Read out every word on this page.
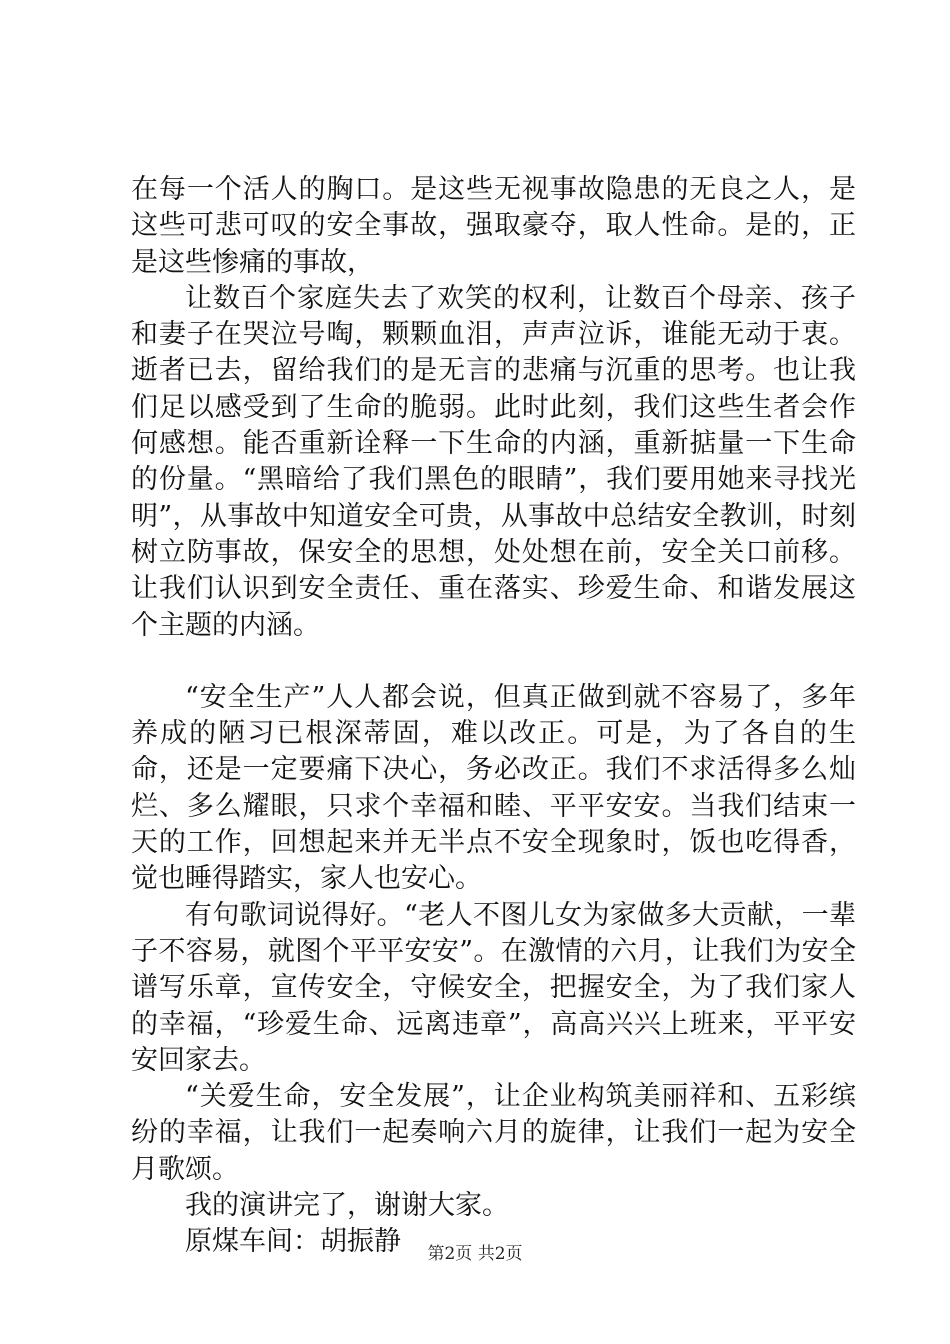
在每一个活人的胸口。是这些无视事故隐患的无良之人，是这些可悲可叹的安全事故，强取豪夺，取人性命。是的，正是这些惨痛的事故，

让数百个家庭失去了欢笑的权利，让数百个母亲、孩子和妻子在哭泣号啕，颗颗血泪，声声泣诉，谁能无动于衷。逝者已去，留给我们的是无言的悲痛与沉重的思考。也让我们足以感受到了生命的脆弱。此时此刻，我们这些生者会作何感想。能否重新诠释一下生命的内涵，重新掂量一下生命的份量。“黑暗给了我们黑色的眼睛”，我们要用她来寻找光明”，从事故中知道安全可贵，从事故中总结安全教训，时刻树立防事故，保安全的思想，处处想在前，安全关口前移。让我们认识到安全责任、重在落实、珍爱生命、和谐发展这个主题的内涵。

“安全生产”人人都会说，但真正做到就不容易了，多年养成的陋习已根深蒂固，难以改正。可是，为了各自的生命，还是一定要痛下决心，务必改正。我们不求活得多么灿烂、多么耀眼，只求个幸福和睦、平平安安。当我们结束一天的工作，回想起来并无半点不安全现象时，饭也吃得香，觉也睡得踏实，家人也安心。

有句歌词说得好。“老人不图儿女为家做多大贡献，一辈子不容易，就图个平平安安”。在激情的六月，让我们为安全谱写乐章，宣传安全，守候安全，把握安全，为了我们家人的幸福，“珍爱生命、远离违章”，高高兴兴上班来，平平安安回家去。

“关爱生命，安全发展”，让企业构筑美丽祥和、五彩缤纷的幸福，让我们一起奏响六月的旋律，让我们一起为安全月歌颂。

我的演讲完了，谢谢大家。

原煤车间：胡振静	第2页 共2页
